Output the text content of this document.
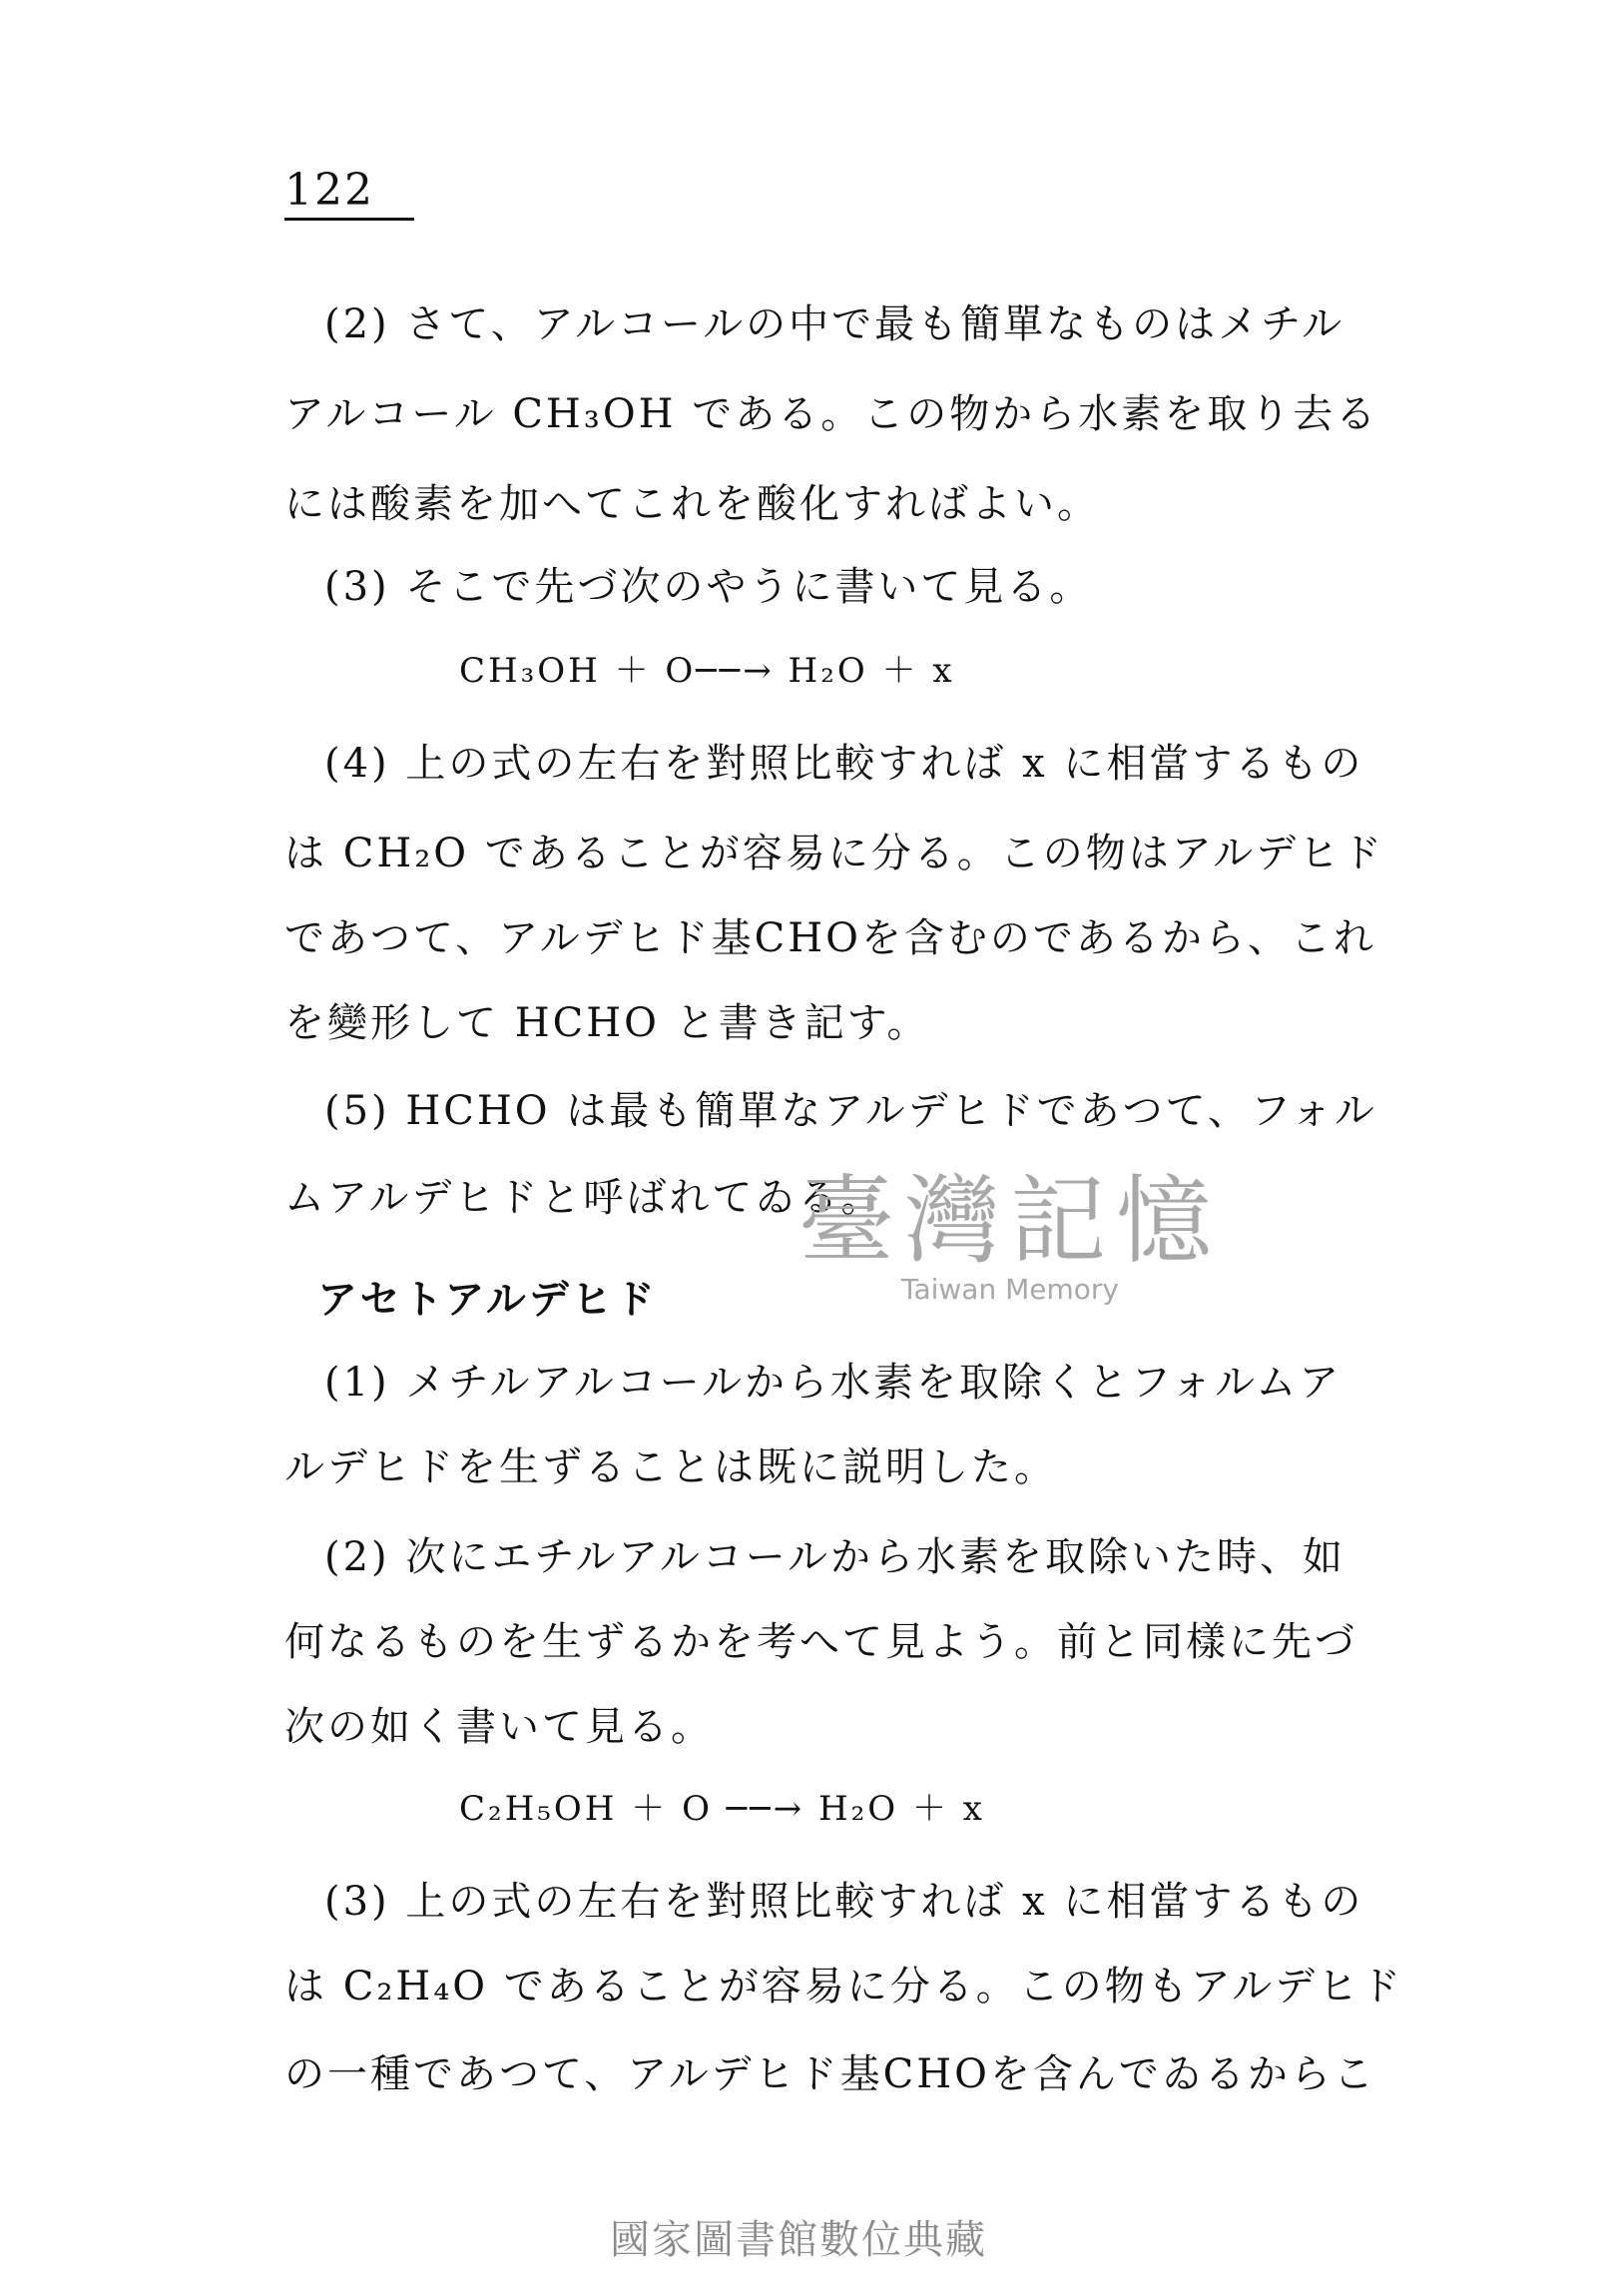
122
(2) さて、アルコールの中で最も簡單なものはメチル
アルコール CH₃OH である。この物から水素を取り去る
には酸素を加へてこれを酸化すればよい。
(3) そこで先づ次のやうに書いて見る。
CH₃OH ＋ O──→ H₂O ＋ x
(4) 上の式の左右を對照比較すれば x に相當するもの
は CH₂O であることが容易に分る。この物はアルデヒド
であつて、アルデヒド基CHOを含むのであるから、これ
を變形して HCHO と書き記す。
(5) HCHO は最も簡單なアルデヒドであつて、フォル
ムアルデヒドと呼ばれてゐる。
アセトアルデヒド
(1) メチルアルコールから水素を取除くとフォルムア
ルデヒドを生ずることは既に説明した。
(2) 次にエチルアルコールから水素を取除いた時、如
何なるものを生ずるかを考へて見よう。前と同樣に先づ
次の如く書いて見る。
C₂H₅OH ＋ O ──→ H₂O ＋ x
(3) 上の式の左右を對照比較すれば x に相當するもの
は C₂H₄O であることが容易に分る。この物もアルデヒド
の一種であつて、アルデヒド基CHOを含んでゐるからこ
臺灣記憶
Taiwan Memory
國家圖書館數位典藏
